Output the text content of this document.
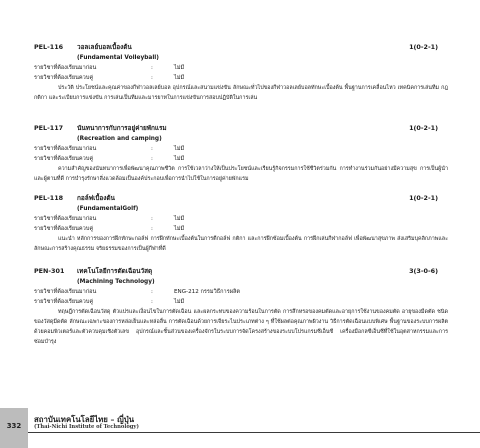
PEL-116 วอลเลย์บอลเบื้องต้น	1(0-2-1)
(Fundamental Volleyball)
รายวิชาที่ต้องเรียนมาก่อน	:	ไม่มี
รายวิชาที่ต้องเรียนควบคู่	:	ไม่มี

ประวัติ ประโยชน์และคุณค่าของกีฬาวอลเลย์บอล อุปกรณ์และสนามแข่งขัน ลักษณะทั่วไปของกีฬาวอลเลย์บอลทักษะเบื้องต้น พื้นฐานการเคลื่อนไหว เทคนิคการเล่นทีม กฎ กติกา และระเบียบการแข่งขัน การเล่นเป็นทีมและมารยาทในการแข่งขันการสอบปฏิบัติในการเล่น

PEL-117 นันทนาการกับการอยู่ค่ายพักแรม	1(0-2-1)
(Recreation and camping)
รายวิชาที่ต้องเรียนมาก่อน	:	ไม่มี
รายวิชาที่ต้องเรียนควบคู่	:	ไม่มี

ความสำคัญของนันทนาการเพื่อพัฒนาคุณภาพชีวิต การใช้เวลาว่างให้เป็นประโยชน์และเรียนรู้กิจกรรมการใช้ชีวิตร่วมกัน การทำงานร่วมกันอย่างมีความสุข การเป็นผู้นำและผู้ตามที่ดี การบำรุงรักษาสิ่งแวดล้อมเป็นองค์ประกอบเพื่อการนำไปใช้ในการอยู่ค่ายพักแรม

PEL-118 กอล์ฟเบื้องต้น	1(0-2-1)
(FundamentalGolf)
รายวิชาที่ต้องเรียนมาก่อน	:	ไม่มี
รายวิชาที่ต้องเรียนควบคู่	:	ไม่มี

แนะนำ หลักการของการฝึกทักษะกอล์ฟ การฝึกทักษะเบื้องต้นในการตีกอล์ฟ กติกา และการฝึกซ้อมเบื้องต้น การฝึกเล่นกีฬากอล์ฟ เพื่อพัฒนาสุขภาพ ส่งเสริมบุคลิกภาพและลักษณะการสร้างคุณธรรม จริยธรรมของการเป็นผู้กีฬาที่ดี

PEN-301 เทคโนโลยีการตัดเฉือนวัสดุ	3(3-0-6)
(Machining Technology)
รายวิชาที่ต้องเรียนมาก่อน	:	ENG-212 กรรมวิธีการผลิต
รายวิชาที่ต้องเรียนควบคู่	:	ไม่มี

ทฤษฎีการตัดเฉือนวัสดุ ตัวแปรและเงื่อนไขในการตัดเฉือน และผลกระทบของความร้อนในการตัด การสึกหรอของคมตัดและอายุการใช้งานของคมตัด อายุของมีดตัด ชนิดของวัสดุมีดตัด ลักษณะเฉพาะของการหล่อเย็นและหล่อลื่น การตัดเฉือนด้วยการเจียระไนประเภทต่าง ๆ ที่ใช้ผลต่อคุณภาพผิวงาน วิธีการตัดเฉือนแบบพิเศษ พื้นฐานของระบบการผลิตด้วยคอมพิวเตอร์และตัวควบคุมเชิงตัวเลข อุปกรณ์และชิ้นส่วนของเครื่องจักรในระบบการจัดโครงสร้างของระบบโปรแกรมซีเอ็นซี เครื่องมือกลซีเอ็นซีที่ใช้ในอุตสาหกรรมและการซ่อมบำรุง

332
สถาบันเทคโนโลยีไทย – ญี่ปุ่น
(Thai-Nichi Institute of Technology)
